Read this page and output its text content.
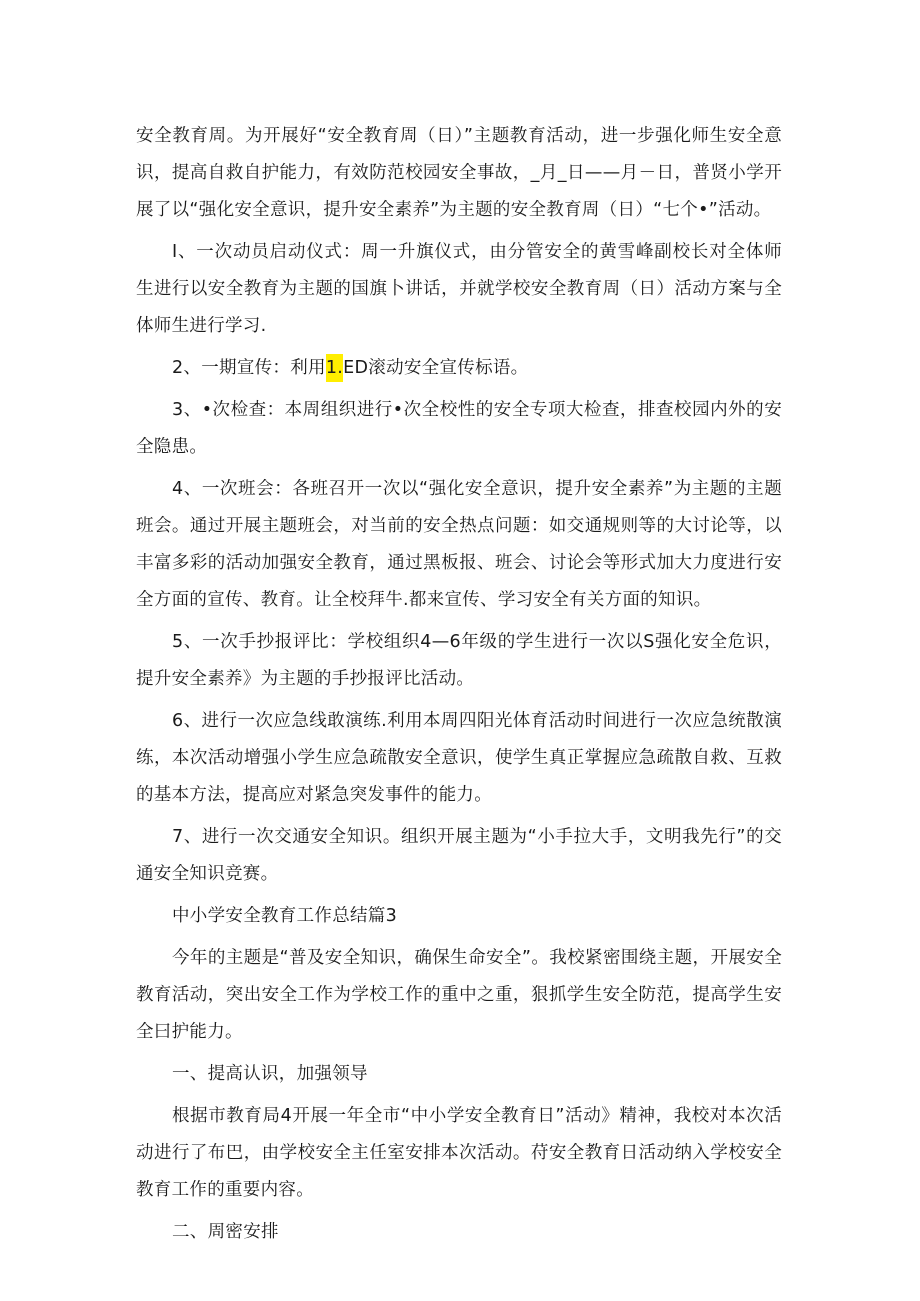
安全教育周。为开展好“安全教育周（日）”主题教育活动，进一步强化师生安全意识，提高自救自护能力，有效防范校园安全事故，_月_日——月－日，普贤小学开展了以“强化安全意识，提升安全素养”为主题的安全教育周（日）“七个•”活动。

I、一次动员启动仪式：周一升旗仪式，由分管安全的黄雪峰副校长对全体师生进行以安全教育为主题的国旗卜讲话，并就学校安全教育周（日）活动方案与全体师生进行学习.

2、一期宣传：利用1.ED滚动安全宣传标语。

3、•次检查：本周组织进行•次全校性的安全专项大检查，排查校园内外的安全隐患。

4、一次班会：各班召开一次以“强化安全意识，提升安全素养”为主题的主题班会。通过开展主题班会，对当前的安全热点问题：如交通规则等的大讨论等，以丰富多彩的活动加强安全教育，通过黑板报、班会、讨论会等形式加大力度进行安全方面的宣传、教育。让全校拜牛.都来宣传、学习安全有关方面的知识。

5、一次手抄报评比：学校组织4—6年级的学生进行一次以S强化安全危识，提升安全素养》为主题的手抄报评比活动。

6、进行一次应急线敢演练.利用本周四阳光体育活动时间进行一次应急统散演练，本次活动增强小学生应急疏散安全意识，使学生真正掌握应急疏散自救、互救的基本方法，提高应对紧急突发事件的能力。

7、进行一次交通安全知识。组织开展主题为“小手拉大手，文明我先行”的交通安全知识竞赛。

中小学安全教育工作总结篇3

今年的主题是“普及安全知识，确保生命安全”。我校紧密围绕主题，开展安全教育活动，突出安全工作为学校工作的重中之重，狠抓学生安全防范，提高学生安全曰护能力。

一、提高认识，加强领导

根据市教育局4开展一年全市“中小学安全教育日”活动》精神，我校对本次活动进行了布巴，由学校安全主任室安排本次活动。苻安全教育日活动纳入学校安全教育工作的重要内容。

二、周密安排
